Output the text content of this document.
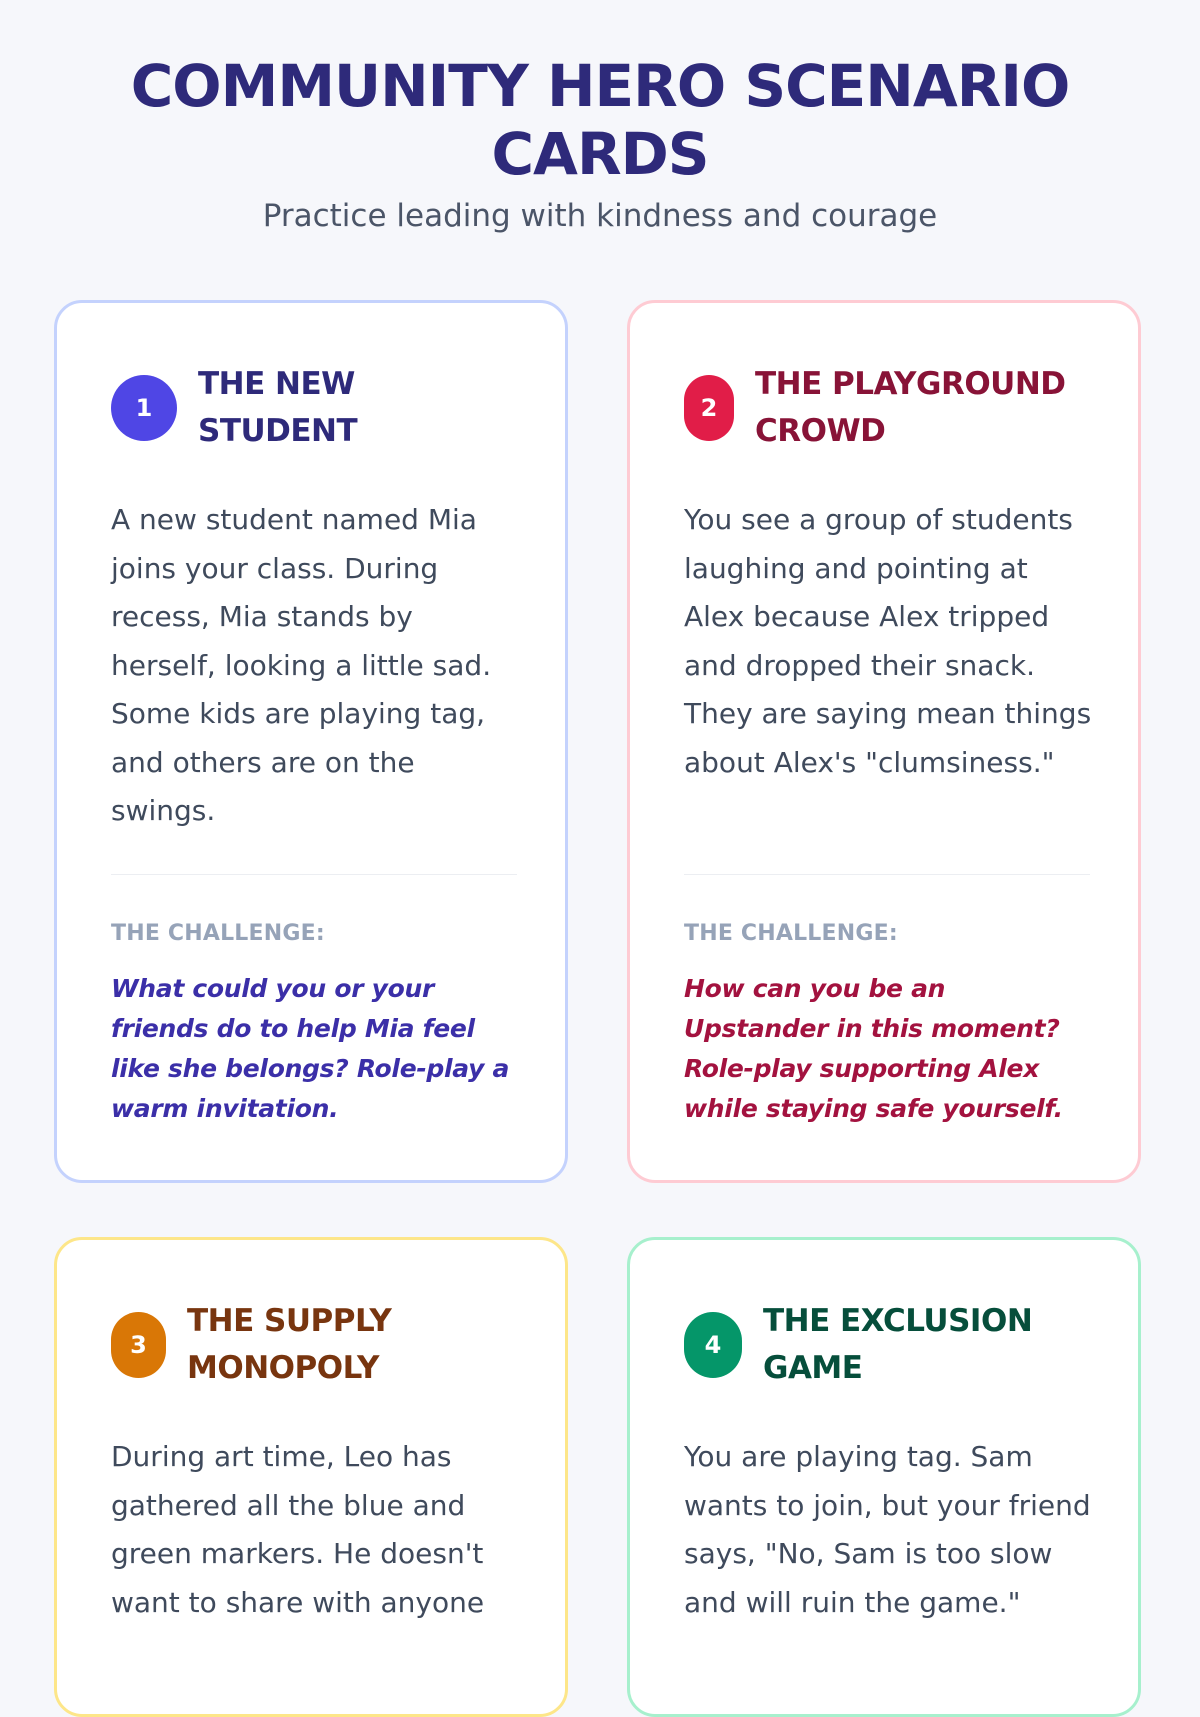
COMMUNITY HERO SCENARIO CARDS
Practice leading with kindness and courage
1
THE NEW STUDENT
A new student named Mia joins your class. During recess, Mia stands by herself, looking a little sad. Some kids are playing tag, and others are on the swings.
THE CHALLENGE:
What could you or your friends do to help Mia feel like she belongs? Role-play a warm invitation.
2
THE PLAYGROUND CROWD
You see a group of students laughing and pointing at Alex because Alex tripped and dropped their snack. They are saying mean things about Alex's "clumsiness."
THE CHALLENGE:
How can you be an Upstander in this moment? Role-play supporting Alex while staying safe yourself.
3
THE SUPPLY MONOPOLY
During art time, Leo has gathered all the blue and green markers. He doesn't want to share with anyone
4
THE EXCLUSION GAME
You are playing tag. Sam wants to join, but your friend says, "No, Sam is too slow and will ruin the game."
